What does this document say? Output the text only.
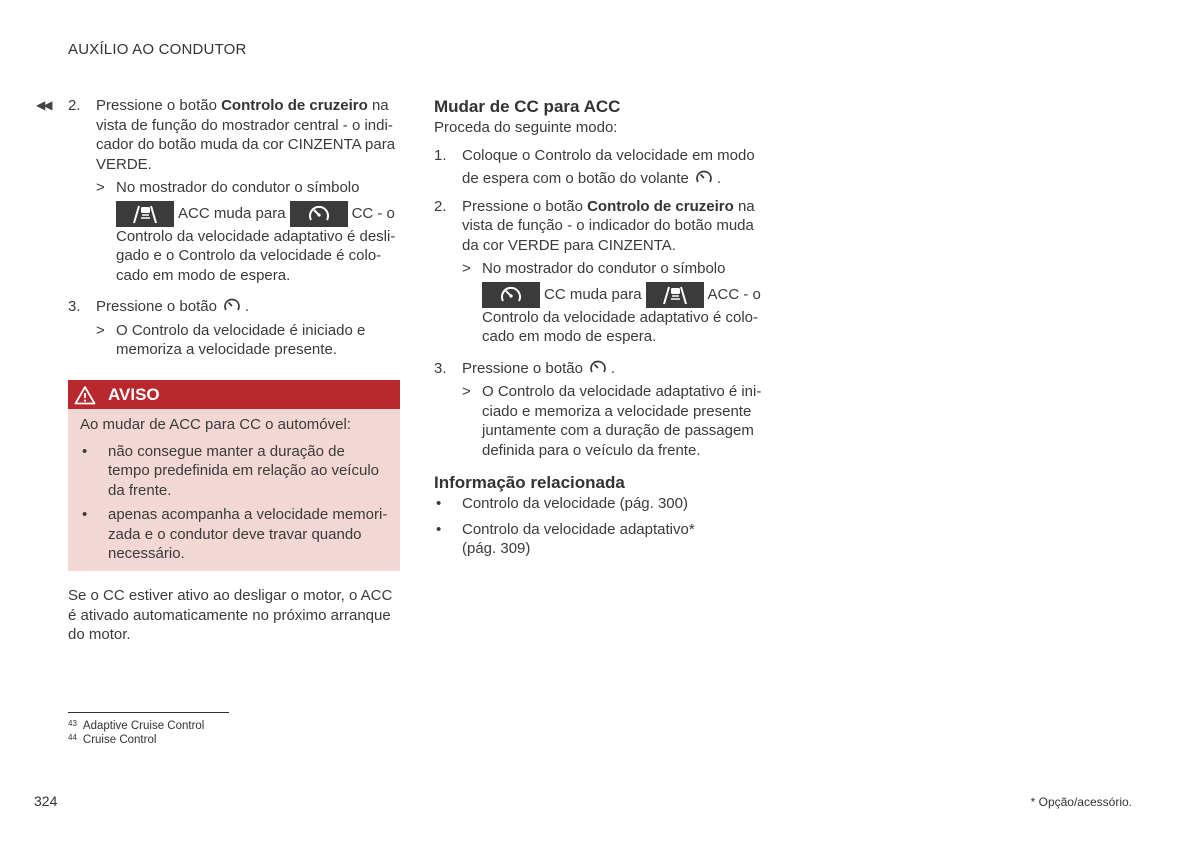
AUXÍLIO AO CONDUTOR
◀◀ 2. Pressione o botão Controlo de cruzeiro na
vista de função do mostrador central - o indi-
cador do botão muda da cor CINZENTA para
VERDE.
> No mostrador do condutor o símbolo
ACC muda para	CC - o
Controlo da velocidade adaptativo é desli-
gado e o Controlo da velocidade é colo-
cado em modo de espera.
3. Pressione o botão .
> O Controlo da velocidade é iniciado e
memoriza a velocidade presente.
AVISO
Ao mudar de ACC para CC o automóvel:
• não consegue manter a duração de
tempo predefinida em relação ao veículo
da frente.
• apenas acompanha a velocidade memori-
zada e o condutor deve travar quando
necessário.
Se o CC estiver ativo ao desligar o motor, o ACC
é ativado automaticamente no próximo arranque
do motor.
Mudar de CC para ACC
Proceda do seguinte modo:
1. Coloque o Controlo da velocidade em modo
de espera com o botão do volante .
2. Pressione o botão Controlo de cruzeiro na
vista de função - o indicador do botão muda
da cor VERDE para CINZENTA.
> No mostrador do condutor o símbolo
CC muda para	ACC - o
Controlo da velocidade adaptativo é colo-
cado em modo de espera.
3. Pressione o botão .
> O Controlo da velocidade adaptativo é ini-
ciado e memoriza a velocidade presente
juntamente com a duração de passagem
definida para o veículo da frente.
Informação relacionada
• Controlo da velocidade (pág. 300)
• Controlo da velocidade adaptativo*
(pág. 309)
$^{43}$ Adaptive Cruise Control
$^{44}$ Cruise Control
324	* Opção/acessório.
